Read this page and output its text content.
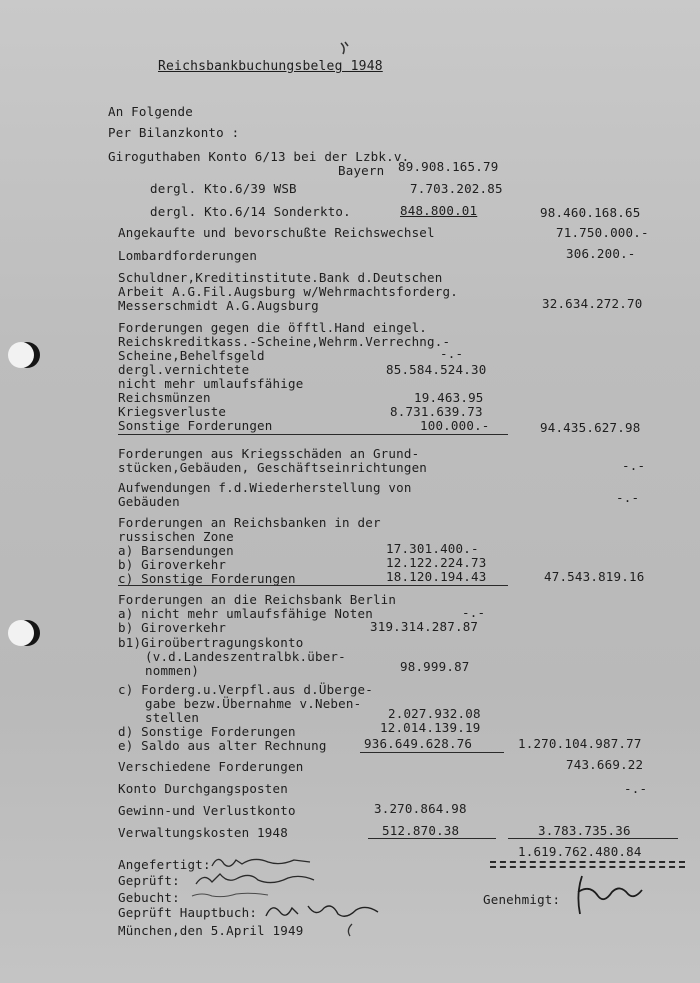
Reichsbankbuchungsbeleg 1948
An Folgende
Per Bilanzkonto :
Giroguthaben Konto 6/13 bei der Lzbk.v.
Bayern 89.908.165.79
dergl. Kto.6/39 WSB	7.703.202.85
dergl. Kto.6/14 Sonderkto.	848.800.01	98.460.168.65
Angekaufte und bevorschußte Reichswechsel	71.750.000.-
Lombardforderungen	306.200.-
Schuldner,Kreditinstitute.Bank d.Deutschen
Arbeit A.G.Fil.Augsburg w/Wehrmachtsforderg.
Messerschmidt A.G.Augsburg	32.634.272.70
Forderungen gegen die öfftl.Hand eingel.
Reichskreditkass.-Scheine,Wehrm.Verrechng.-
Scheine,Behelfsgeld	-.-
dergl.vernichtete	85.584.524.30
nicht mehr umlaufsfähige
Reichsmünzen	19.463.95
Kriegsverluste	8.731.639.73
Sonstige Forderungen	100.000.-	94.435.627.98
Forderungen aus Kriegsschäden an Grund-
stücken,Gebäuden, Geschäftseinrichtungen	-.-
Aufwendungen f.d.Wiederherstellung von
Gebäuden	-.-
Forderungen an Reichsbanken in der
russischen Zone
a) Barsendungen	17.301.400.-
b) Giroverkehr	12.122.224.73
c) Sonstige Forderungen	18.120.194.43	47.543.819.16
Forderungen an die Reichsbank Berlin
a) nicht mehr umlaufsfähige Noten	-.-
b) Giroverkehr	319.314.287.87
b1)Giroübertragungskonto
(v.d.Landeszentralbk.über-
nommen)	98.999.87
c) Forderg.u.Verpfl.aus d.Überge-
gabe bezw.Übernahme v.Neben-
stellen	2.027.932.08
d) Sonstige Forderungen	12.014.139.19
e) Saldo aus alter Rechnung	936.649.628.76	1.270.104.987.77
Verschiedene Forderungen	743.669.22
Konto Durchgangsposten	-.-
Gewinn-und Verlustkonto	3.270.864.98
Verwaltungskosten 1948	512.870.38	3.783.735.36
1.619.762.480.84
Angefertigt:
Geprüft:
Gebucht:
Geprüft Hauptbuch:
München,den 5.April 1949
Genehmigt:
